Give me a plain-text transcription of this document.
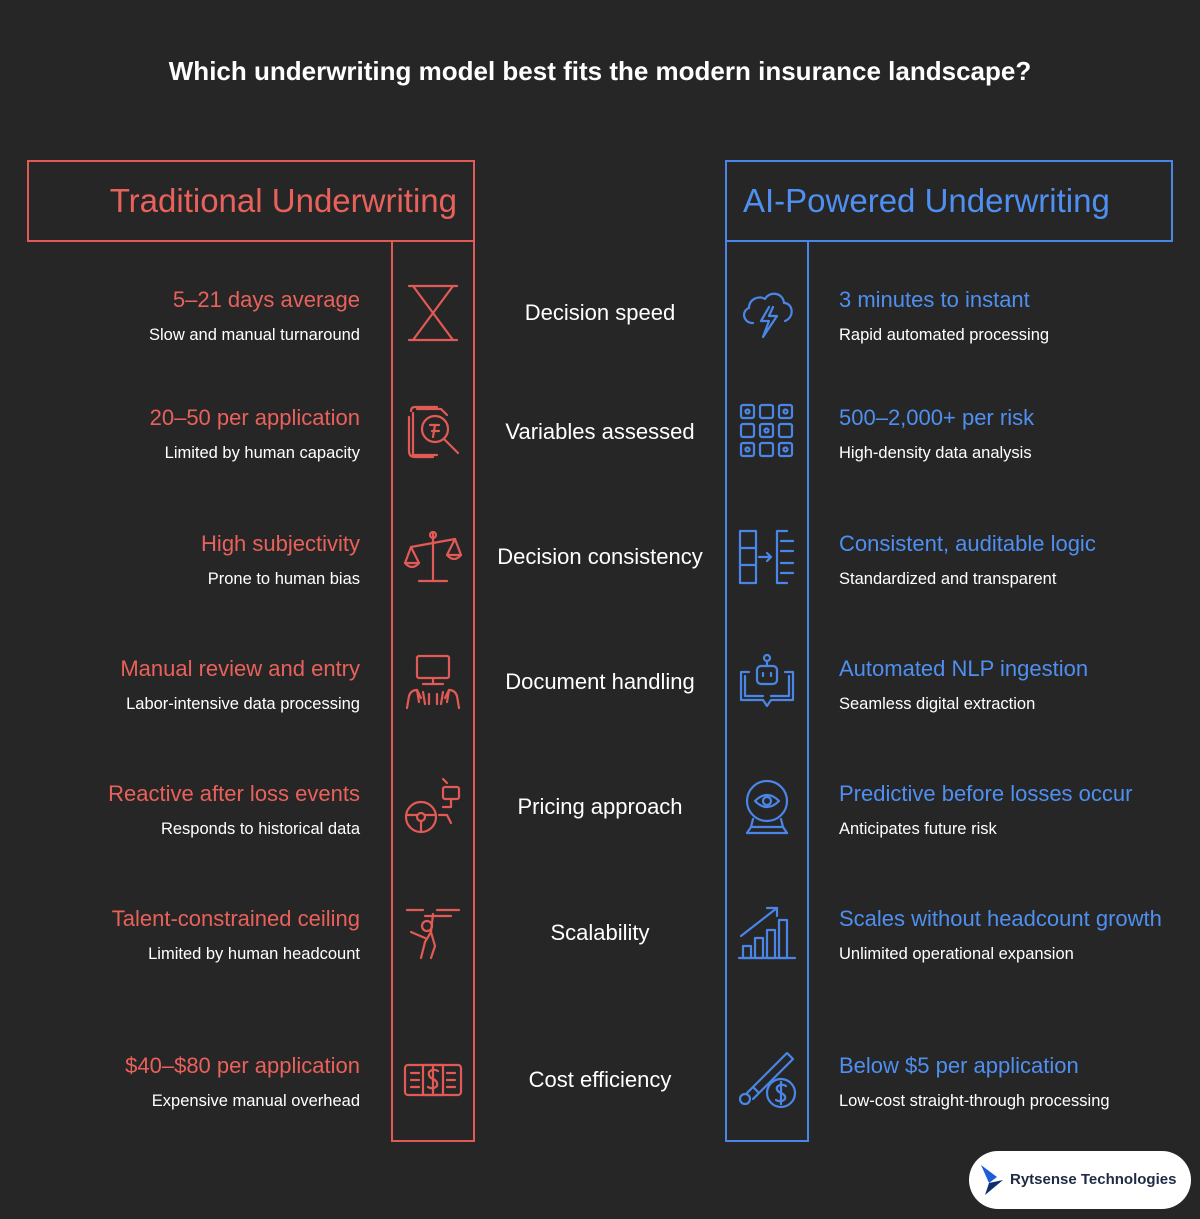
Which underwriting model best fits the modern insurance landscape?
Traditional Underwriting	AI-Powered Underwriting
5–21 days average
Slow and manual turnaround
Decision speed
3 minutes to instant
Rapid automated processing
20–50 per application
Limited by human capacity
Variables assessed
500–2,000+ per risk
High-density data analysis
High subjectivity
Prone to human bias
Decision consistency
Consistent, auditable logic
Standardized and transparent
Manual review and entry
Labor-intensive data processing
Document handling
Automated NLP ingestion
Seamless digital extraction
Reactive after loss events
Responds to historical data
Pricing approach
Predictive before losses occur
Anticipates future risk
Talent-constrained ceiling
Limited by human headcount
Scalability
Scales without headcount growth
Unlimited operational expansion
$40–$80 per application
Expensive manual overhead
Cost efficiency
Below $5 per application
Low-cost straight-through processing
Rytsense Technologies
